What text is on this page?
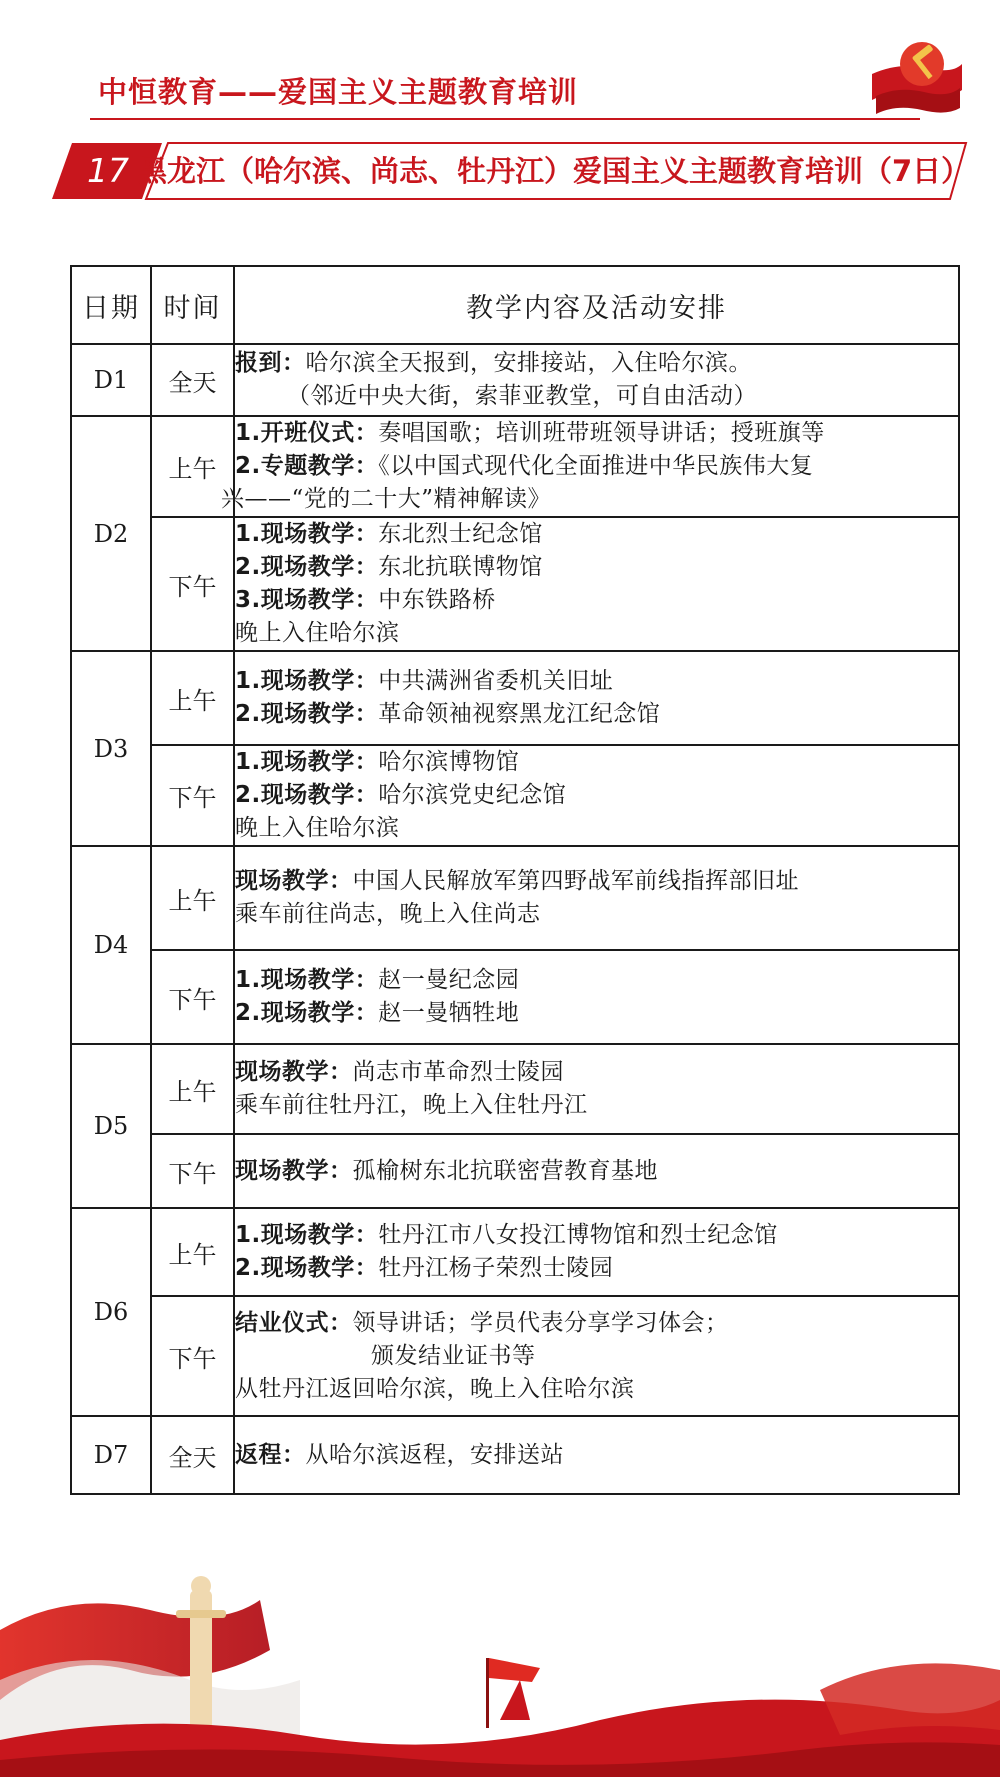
中恒教育——爱国主义主题教育培训
17 黑龙江（哈尔滨、尚志、牡丹江）爱国主义主题教育培训（7日）
日期	时间	教学内容及活动安排
D1	全天	报到：哈尔滨全天报到，安排接站，入住哈尔滨。
（邻近中央大街，索菲亚教堂，可自由活动）

D2	上午	1.开班仪式：奏唱国歌；培训班带班领导讲话；授班旗等
2.专题教学：《以中国式现代化全面推进中华民族伟大复
兴——“党的二十大”精神解读》

	下午	1.现场教学：东北烈士纪念馆
2.现场教学：东北抗联博物馆
3.现场教学：中东铁路桥
晚上入住哈尔滨

D3	上午	1.现场教学：中共满洲省委机关旧址
2.现场教学：革命领袖视察黑龙江纪念馆

	下午	1.现场教学：哈尔滨博物馆
2.现场教学：哈尔滨党史纪念馆
晚上入住哈尔滨

D4	上午	现场教学：中国人民解放军第四野战军前线指挥部旧址
乘车前往尚志，晚上入住尚志

	下午	1.现场教学：赵一曼纪念园
2.现场教学：赵一曼牺牲地

D5	上午	现场教学：尚志市革命烈士陵园
乘车前往牡丹江，晚上入住牡丹江

	下午	现场教学：孤榆树东北抗联密营教育基地

D6	上午	1.现场教学：牡丹江市八女投江博物馆和烈士纪念馆
2.现场教学：牡丹江杨子荣烈士陵园

	下午	结业仪式：领导讲话；学员代表分享学习体会；
颁发结业证书等
从牡丹江返回哈尔滨，晚上入住哈尔滨

D7	全天	返程：从哈尔滨返程，安排送站
